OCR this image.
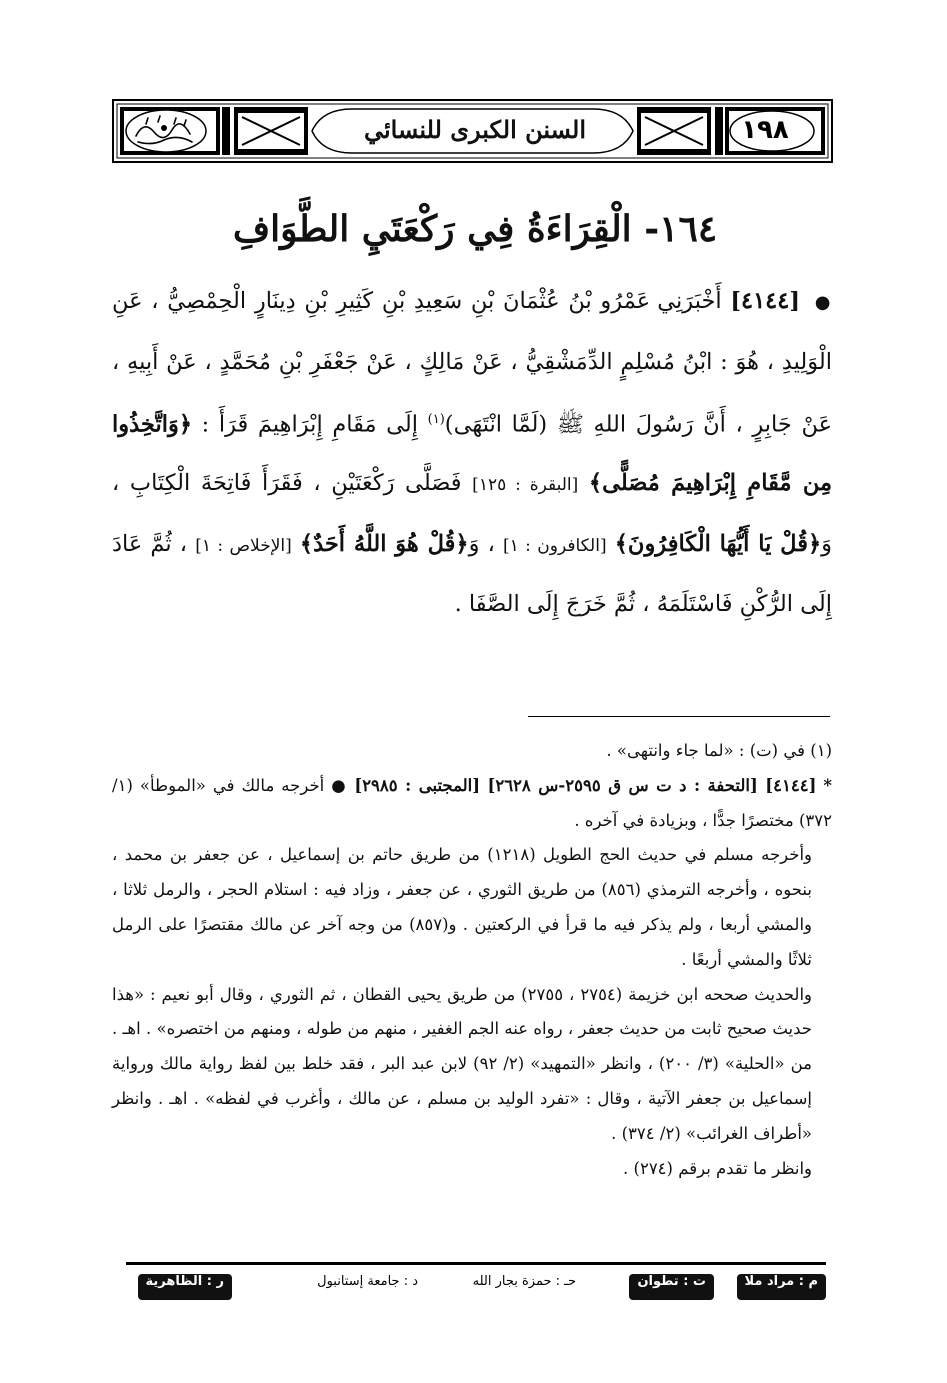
١٩٨
السنن الكبرى للنسائي
١٦٤- الْقِرَاءَةُ فِي رَكْعَتَيِ الطَّوَافِ

● [٤١٤٤] أَخْبَرَنِي عَمْرُو بْنُ عُثْمَانَ بْنِ سَعِيدِ بْنِ كَثِيرِ بْنِ دِينَارٍ الْحِمْصِيُّ ، عَنِ الْوَلِيدِ ، هُوَ : ابْنُ مُسْلِمٍ الدِّمَشْقِيُّ ، عَنْ مَالِكٍ ، عَنْ جَعْفَرِ بْنِ مُحَمَّدٍ ، عَنْ أَبِيهِ ، عَنْ جَابِرٍ ، أَنَّ رَسُولَ اللهِ ﷺ (لَمَّا انْتَهَى)$^{(١)}$ إِلَى مَقَامِ إِبْرَاهِيمَ قَرَأَ : ﴿وَاتَّخِذُوا مِن مَّقَامِ إِبْرَاهِيمَ مُصَلًّى﴾ [البقرة : ١٢٥] فَصَلَّى رَكْعَتَيْنِ ، فَقَرَأَ فَاتِحَةَ الْكِتَابِ ، وَ﴿قُلْ يَا أَيُّهَا الْكَافِرُونَ﴾ [الكافرون : ١] ، وَ﴿قُلْ هُوَ اللَّهُ أَحَدٌ﴾ [الإخلاص : ١] ، ثُمَّ عَادَ إِلَى الرُّكْنِ فَاسْتَلَمَهُ ، ثُمَّ خَرَجَ إِلَى الصَّفَا .

(١) في (ت) : «لما جاء وانتهى» .

* [٤١٤٤] [التحفة : د ت س ق ٢٥٩٥-س ٢٦٢٨] [المجتبى : ٢٩٨٥] ● أخرجه مالك في «الموطأ» (١/ ٣٧٢) مختصرًا جدًّا ، وبزيادة في آخره .

وأخرجه مسلم في حديث الحج الطويل (١٢١٨) من طريق حاتم بن إسماعيل ، عن جعفر بن محمد ، بنحوه ، وأخرجه الترمذي (٨٥٦) من طريق الثوري ، عن جعفر ، وزاد فيه : استلام الحجر ، والرمل ثلاثا ، والمشي أربعا ، ولم يذكر فيه ما قرأ في الركعتين . و(٨٥٧) من وجه آخر عن مالك مقتصرًا على الرمل ثلاثًا والمشي أربعًا .

والحديث صححه ابن خزيمة (٢٧٥٤ ، ٢٧٥٥) من طريق يحيى القطان ، ثم الثوري ، وقال أبو نعيم : «هذا حديث صحيح ثابت من حديث جعفر ، رواه عنه الجم الغفير ، منهم من طوله ، ومنهم من اختصره» . اهـ . من «الحلية» (٣/ ٢٠٠) ، وانظر «التمهيد» (٢/ ٩٢) لابن عبد البر ، فقد خلط بين لفظ رواية مالك ورواية إسماعيل بن جعفر الآتية ، وقال : «تفرد الوليد بن مسلم ، عن مالك ، وأغرب في لفظه» . اهـ . وانظر «أطراف الغرائب» (٢/ ٣٧٤) .

وانظر ما تقدم برقم (٢٧٤) .

م : مراد ملا
ت : تطوان
حـ : حمزة بجار الله
د : جامعة إستانبول
ر : الظاهرية
